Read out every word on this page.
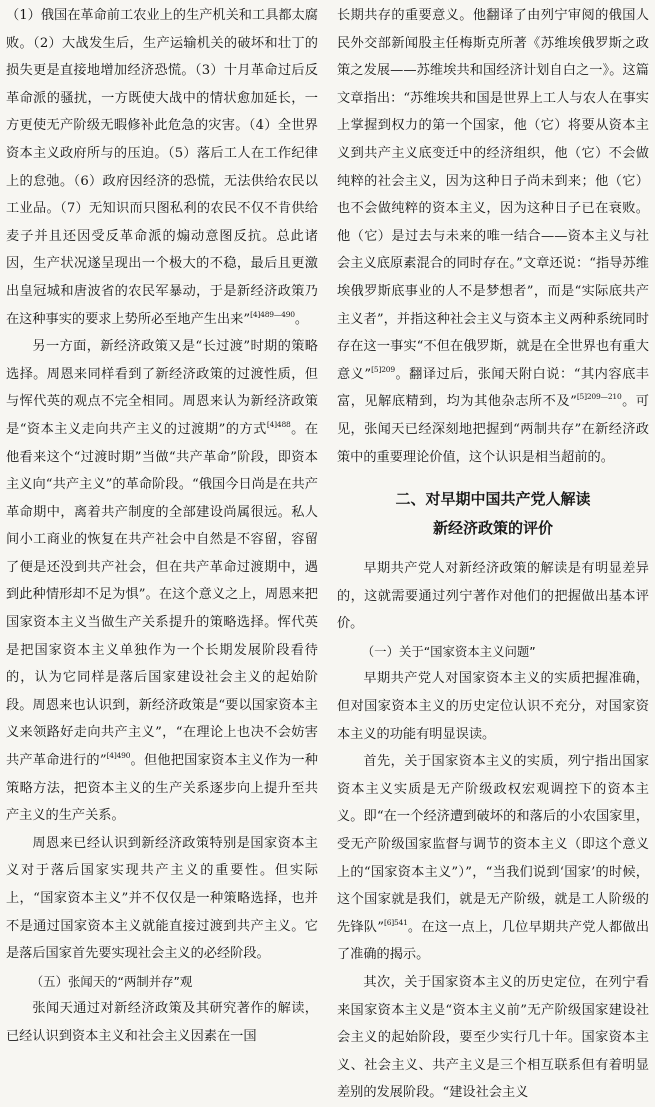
（1）俄国在革命前工农业上的生产机关和工具都太腐败。（2）大战发生后，生产运输机关的破坏和壮丁的损失更是直接地增加经济恐慌。（3）十月革命过后反革命派的骚扰，一方既使大战中的情状愈加延长，一方更使无产阶级无暇修补此危急的灾害。（4）全世界资本主义政府所与的压迫。（5）落后工人在工作纪律上的怠弛。（6）政府因经济的恐慌，无法供给农民以工业品。（7）无知识而只图私利的农民不仅不肯供给麦子并且还因受反革命派的煽动意图反抗。总此诸因，生产状况遂呈现出一个极大的不稳，最后且更激出皇冠城和唐波省的农民军暴动，于是新经济政策乃在这种事实的要求上势所必至地产生出来”$^{[4]489—490}$。

另一方面，新经济政策又是“长过渡”时期的策略选择。周恩来同样看到了新经济政策的过渡性质，但与恽代英的观点不完全相同。周恩来认为新经济政策是“资本主义走向共产主义的过渡期”的方式$^{[4]488}$。在他看来这个“过渡时期”当做“共产革命”阶段，即资本主义向“共产主义”的革命阶段。“俄国今日尚是在共产革命期中，离着共产制度的全部建设尚属很远。私人间小工商业的恢复在共产社会中自然是不容留，容留了便是还没到共产社会，但在共产革命过渡期中，遇到此种情形却不足为惧”。在这个意义之上，周恩来把国家资本主义当做生产关系提升的策略选择。恽代英是把国家资本主义单独作为一个长期发展阶段看待的，认为它同样是落后国家建设社会主义的起始阶段。周恩来也认识到，新经济政策是“要以国家资本主义来领路好走向共产主义”，“在理论上也决不会妨害共产革命进行的”$^{[4]490}$。但他把国家资本主义作为一种策略方法，把资本主义的生产关系逐步向上提升至共产主义的生产关系。

周恩来已经认识到新经济政策特别是国家资本主义对于落后国家实现共产主义的重要性。但实际上，“国家资本主义”并不仅仅是一种策略选择，也并不是通过国家资本主义就能直接过渡到共产主义。它是落后国家首先要实现社会主义的必经阶段。

（五）张闻天的“两制并存”观

张闻天通过对新经济政策及其研究著作的解读，已经认识到资本主义和社会主义因素在一国

长期共存的重要意义。他翻译了由列宁审阅的俄国人民外交部新闻股主任梅斯克所著《苏维埃俄罗斯之政策之发展——苏维埃共和国经济计划自白之一》。这篇文章指出：“苏维埃共和国是世界上工人与农人在事实上掌握到权力的第一个国家，他（它）将要从资本主义到共产主义底变迁中的经济组织，他（它）不会做纯粹的社会主义，因为这种日子尚未到来；他（它）也不会做纯粹的资本主义，因为这种日子已在衰败。他（它）是过去与未来的唯一结合——资本主义与社会主义底原素混合的同时存在。”文章还说：“指导苏维埃俄罗斯底事业的人不是梦想者”，而是“实际底共产主义者”，并指这种社会主义与资本主义两种系统同时存在这一事实“不但在俄罗斯，就是在全世界也有重大意义”$^{[5]209}$。翻译过后，张闻天附白说：“其内容底丰富，见解底精到，均为其他杂志所不及”$^{[5]209—210}$。可见，张闻天已经深刻地把握到“两制共存”在新经济政策中的重要理论价值，这个认识是相当超前的。

二、对早期中国共产党人解读
新经济政策的评价

早期共产党人对新经济政策的解读是有明显差异的，这就需要通过列宁著作对他们的把握做出基本评价。

（一）关于“国家资本主义问题”

早期共产党人对国家资本主义的实质把握准确，但对国家资本主义的历史定位认识不充分，对国家资本主义的功能有明显误读。

首先，关于国家资本主义的实质，列宁指出国家资本主义实质是无产阶级政权宏观调控下的资本主义。即“在一个经济遭到破坏的和落后的小农国家里，受无产阶级国家监督与调节的资本主义（即这个意义上的“国家资本主义”）”，“当我们说到‘国家’的时候，这个国家就是我们，就是无产阶级，就是工人阶级的先锋队”$^{[6]541}$。在这一点上，几位早期共产党人都做出了准确的揭示。

其次，关于国家资本主义的历史定位，在列宁看来国家资本主义是“资本主义前”无产阶级国家建设社会主义的起始阶段，要至少实行几十年。国家资本主义、社会主义、共产主义是三个相互联系但有着明显差别的发展阶段。“建设社会主义
